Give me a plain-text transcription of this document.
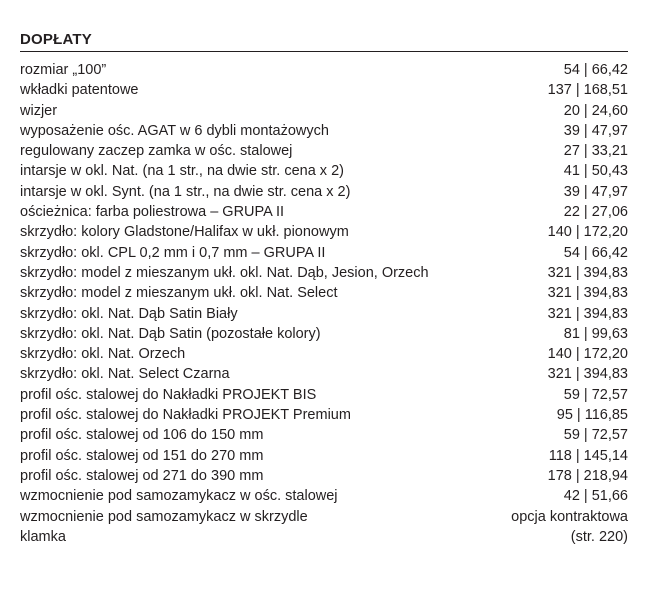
DOPŁATY
rozmiar „100”	54 | 66,42
wkładki patentowe	137 | 168,51
wizjer	20 | 24,60
wyposażenie ośc. AGAT w 6 dybli montażowych	39 | 47,97
regulowany zaczep zamka w ośc. stalowej	27 | 33,21
intarsje w okl. Nat. (na 1 str., na dwie str. cena x 2)	41 | 50,43
intarsje w okl. Synt. (na 1 str., na dwie str. cena x 2)	39 | 47,97
ościeżnica: farba poliestrowa – GRUPA II	22 | 27,06
skrzydło: kolory Gladstone/Halifax w ukł. pionowym	140 | 172,20
skrzydło: okl. CPL 0,2 mm i 0,7 mm – GRUPA II	54 | 66,42
skrzydło: model z mieszanym ukł. okl. Nat. Dąb, Jesion, Orzech	321 | 394,83
skrzydło: model z mieszanym ukł. okl. Nat. Select	321 | 394,83
skrzydło: okl. Nat. Dąb Satin Biały	321 | 394,83
skrzydło: okl. Nat. Dąb Satin (pozostałe kolory)	81 | 99,63
skrzydło: okl. Nat. Orzech	140 | 172,20
skrzydło: okl. Nat. Select Czarna	321 | 394,83
profil ośc. stalowej do Nakładki PROJEKT BIS	59 | 72,57
profil ośc. stalowej do Nakładki PROJEKT Premium	95 | 116,85
profil ośc. stalowej od 106 do 150 mm	59 | 72,57
profil ośc. stalowej od 151 do 270 mm	118 | 145,14
profil ośc. stalowej od 271 do 390 mm	178 | 218,94
wzmocnienie pod samozamykacz w ośc. stalowej	42 | 51,66
wzmocnienie pod samozamykacz w skrzydle	opcja kontraktowa
klamka	(str. 220)
